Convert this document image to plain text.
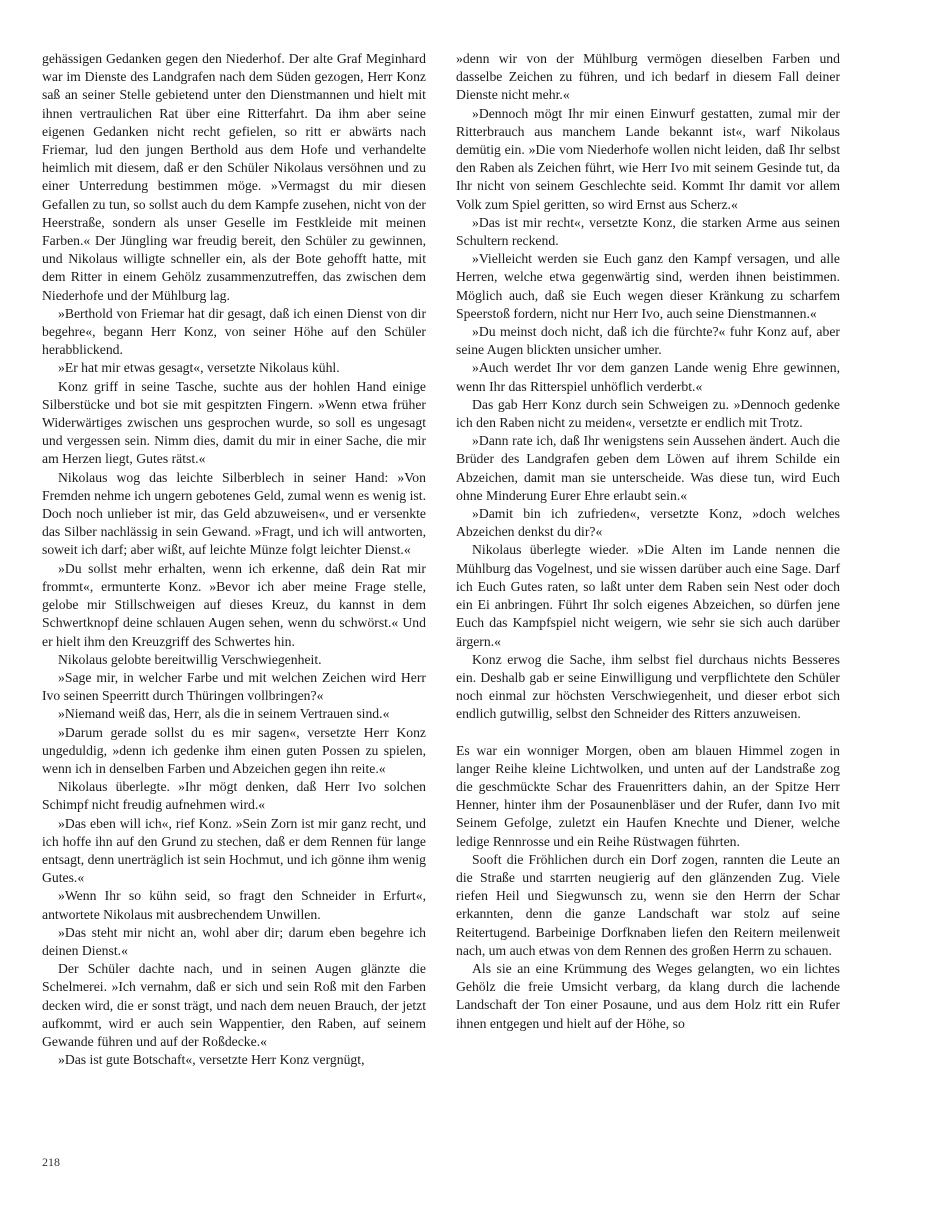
gehässigen Gedanken gegen den Niederhof. Der alte Graf Meginhard war im Dienste des Landgrafen nach dem Süden gezogen, Herr Konz saß an seiner Stelle gebietend unter den Dienstmannen und hielt mit ihnen vertraulichen Rat über eine Ritterfahrt. Da ihm aber seine eigenen Gedanken nicht recht gefielen, so ritt er abwärts nach Friemar, lud den jungen Berthold aus dem Hofe und verhandelte heimlich mit diesem, daß er den Schüler Nikolaus versöhnen und zu einer Unterredung bestimmen möge. »Vermagst du mir diesen Gefallen zu tun, so sollst auch du dem Kampfe zusehen, nicht von der Heerstraße, sondern als unser Geselle im Festkleide mit meinen Farben.« Der Jüngling war freudig bereit, den Schüler zu gewinnen, und Nikolaus willigte schneller ein, als der Bote gehofft hatte, mit dem Ritter in einem Gehölz zusammenzutreffen, das zwischen dem Niederhofe und der Mühlburg lag.

»Berthold von Friemar hat dir gesagt, daß ich einen Dienst von dir begehre«, begann Herr Konz, von seiner Höhe auf den Schüler herabblickend.

»Er hat mir etwas gesagt«, versetzte Nikolaus kühl.

Konz griff in seine Tasche, suchte aus der hohlen Hand einige Silberstücke und bot sie mit gespitzten Fingern. »Wenn etwa früher Widerwärtiges zwischen uns gesprochen wurde, so soll es ungesagt und vergessen sein. Nimm dies, damit du mir in einer Sache, die mir am Herzen liegt, Gutes rätst.«

Nikolaus wog das leichte Silberblech in seiner Hand: »Von Fremden nehme ich ungern gebotenes Geld, zumal wenn es wenig ist. Doch noch unlieber ist mir, das Geld abzuweisen«, und er versenkte das Silber nachlässig in sein Gewand. »Fragt, und ich will antworten, soweit ich darf; aber wißt, auf leichte Münze folgt leichter Dienst.«

»Du sollst mehr erhalten, wenn ich erkenne, daß dein Rat mir frommt«, ermunterte Konz. »Bevor ich aber meine Frage stelle, gelobe mir Stillschweigen auf dieses Kreuz, du kannst in dem Schwertknopf deine schlauen Augen sehen, wenn du schwörst.« Und er hielt ihm den Kreuzgriff des Schwertes hin.

Nikolaus gelobte bereitwillig Verschwiegenheit.

»Sage mir, in welcher Farbe und mit welchen Zeichen wird Herr Ivo seinen Speerritt durch Thüringen vollbringen?«

»Niemand weiß das, Herr, als die in seinem Vertrauen sind.«

»Darum gerade sollst du es mir sagen«, versetzte Herr Konz ungeduldig, »denn ich gedenke ihm einen guten Possen zu spielen, wenn ich in denselben Farben und Abzeichen gegen ihn reite.«

Nikolaus überlegte. »Ihr mögt denken, daß Herr Ivo solchen Schimpf nicht freudig aufnehmen wird.«

»Das eben will ich«, rief Konz. »Sein Zorn ist mir ganz recht, und ich hoffe ihn auf den Grund zu stechen, daß er dem Rennen für lange entsagt, denn unerträglich ist sein Hochmut, und ich gönne ihm wenig Gutes.«

»Wenn Ihr so kühn seid, so fragt den Schneider in Erfurt«, antwortete Nikolaus mit ausbrechendem Unwillen.

»Das steht mir nicht an, wohl aber dir; darum eben begehre ich deinen Dienst.«

Der Schüler dachte nach, und in seinen Augen glänzte die Schelmerei. »Ich vernahm, daß er sich und sein Roß mit den Farben decken wird, die er sonst trägt, und nach dem neuen Brauch, der jetzt aufkommt, wird er auch sein Wappentier, den Raben, auf seinem Gewande führen und auf der Roßdecke.«

»Das ist gute Botschaft«, versetzte Herr Konz vergnügt,

»denn wir von der Mühlburg vermögen dieselben Farben und dasselbe Zeichen zu führen, und ich bedarf in diesem Fall deiner Dienste nicht mehr.«

»Dennoch mögt Ihr mir einen Einwurf gestatten, zumal mir der Ritterbrauch aus manchem Lande bekannt ist«, warf Nikolaus demütig ein. »Die vom Niederhofe wollen nicht leiden, daß Ihr selbst den Raben als Zeichen führt, wie Herr Ivo mit seinem Gesinde tut, da Ihr nicht von seinem Geschlechte seid. Kommt Ihr damit vor allem Volk zum Spiel geritten, so wird Ernst aus Scherz.«

»Das ist mir recht«, versetzte Konz, die starken Arme aus seinen Schultern reckend.

»Vielleicht werden sie Euch ganz den Kampf versagen, und alle Herren, welche etwa gegenwärtig sind, werden ihnen beistimmen. Möglich auch, daß sie Euch wegen dieser Kränkung zu scharfem Speerstoß fordern, nicht nur Herr Ivo, auch seine Dienstmannen.«

»Du meinst doch nicht, daß ich die fürchte?« fuhr Konz auf, aber seine Augen blickten unsicher umher.

»Auch werdet Ihr vor dem ganzen Lande wenig Ehre gewinnen, wenn Ihr das Ritterspiel unhöflich verderbt.«

Das gab Herr Konz durch sein Schweigen zu. »Dennoch gedenke ich den Raben nicht zu meiden«, versetzte er endlich mit Trotz.

»Dann rate ich, daß Ihr wenigstens sein Aussehen ändert. Auch die Brüder des Landgrafen geben dem Löwen auf ihrem Schilde ein Abzeichen, damit man sie unterscheide. Was diese tun, wird Euch ohne Minderung Eurer Ehre erlaubt sein.«

»Damit bin ich zufrieden«, versetzte Konz, »doch welches Abzeichen denkst du dir?«

Nikolaus überlegte wieder. »Die Alten im Lande nennen die Mühlburg das Vogelnest, und sie wissen darüber auch eine Sage. Darf ich Euch Gutes raten, so laßt unter dem Raben sein Nest oder doch ein Ei anbringen. Führt Ihr solch eigenes Abzeichen, so dürfen jene Euch das Kampfspiel nicht weigern, wie sehr sie sich auch darüber ärgern.«

Konz erwog die Sache, ihm selbst fiel durchaus nichts Besseres ein. Deshalb gab er seine Einwilligung und verpflichtete den Schüler noch einmal zur höchsten Verschwiegenheit, und dieser erbot sich endlich gutwillig, selbst den Schneider des Ritters anzuweisen.

Es war ein wonniger Morgen, oben am blauen Himmel zogen in langer Reihe kleine Lichtwolken, und unten auf der Landstraße zog die geschmückte Schar des Frauenritters dahin, an der Spitze Herr Henner, hinter ihm der Posaunenbläser und der Rufer, dann Ivo mit Seinem Gefolge, zuletzt ein Haufen Knechte und Diener, welche ledige Rennrosse und ein Reihe Rüstwagen führten.

Sooft die Fröhlichen durch ein Dorf zogen, rannten die Leute an die Straße und starrten neugierig auf den glänzenden Zug. Viele riefen Heil und Siegwunsch zu, wenn sie den Herrn der Schar erkannten, denn die ganze Landschaft war stolz auf seine Reitertugend. Barbeinige Dorfknaben liefen den Reitern meilenweit nach, um auch etwas von dem Rennen des großen Herrn zu schauen.

Als sie an eine Krümmung des Weges gelangten, wo ein lichtes Gehölz die freie Umsicht verbarg, da klang durch die lachende Landschaft der Ton einer Posaune, und aus dem Holz ritt ein Rufer ihnen entgegen und hielt auf der Höhe, so

218
